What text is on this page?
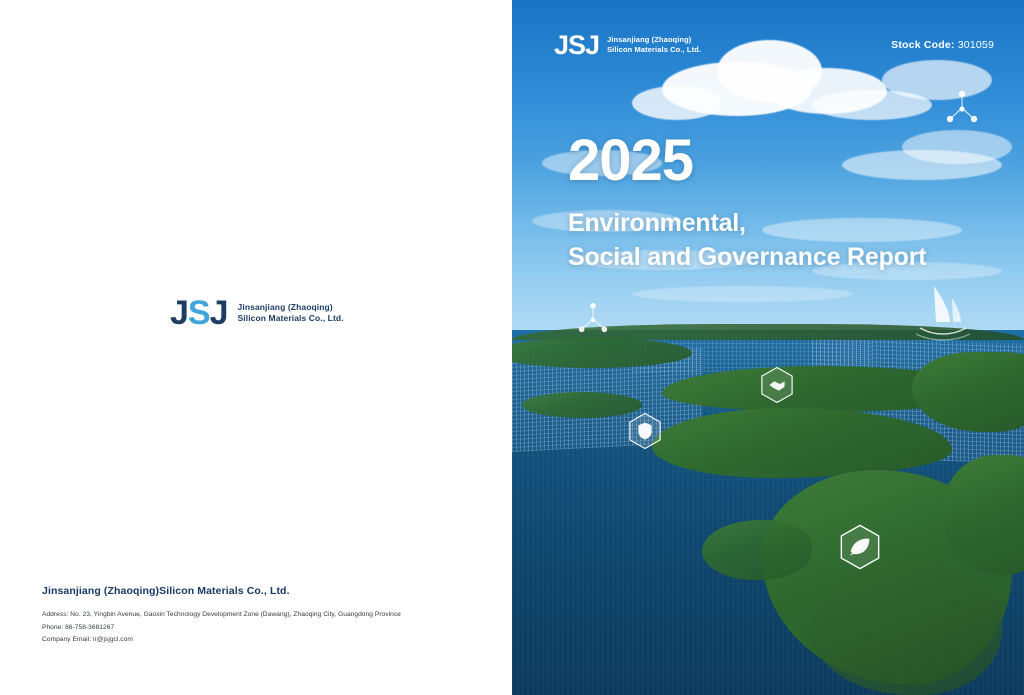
JSJ Jinsanjiang (Zhaoqing)
Silicon Materials Co., Ltd.
Jinsanjiang (Zhaoqing)Silicon Materials Co., Ltd.
Address: No. 23, Yingbin Avenue, Gaoxin Technology Development Zone (Dawang), Zhaoqing City, Guangdong Province
Phone: 86-758-3681267
Company Email: ir@jsjgcl.com
JSJ Jinsanjiang (Zhaoqing)
Silicon Materials Co., Ltd.	Stock Code: 301059
2025
Environmental,
Social and Governance Report
